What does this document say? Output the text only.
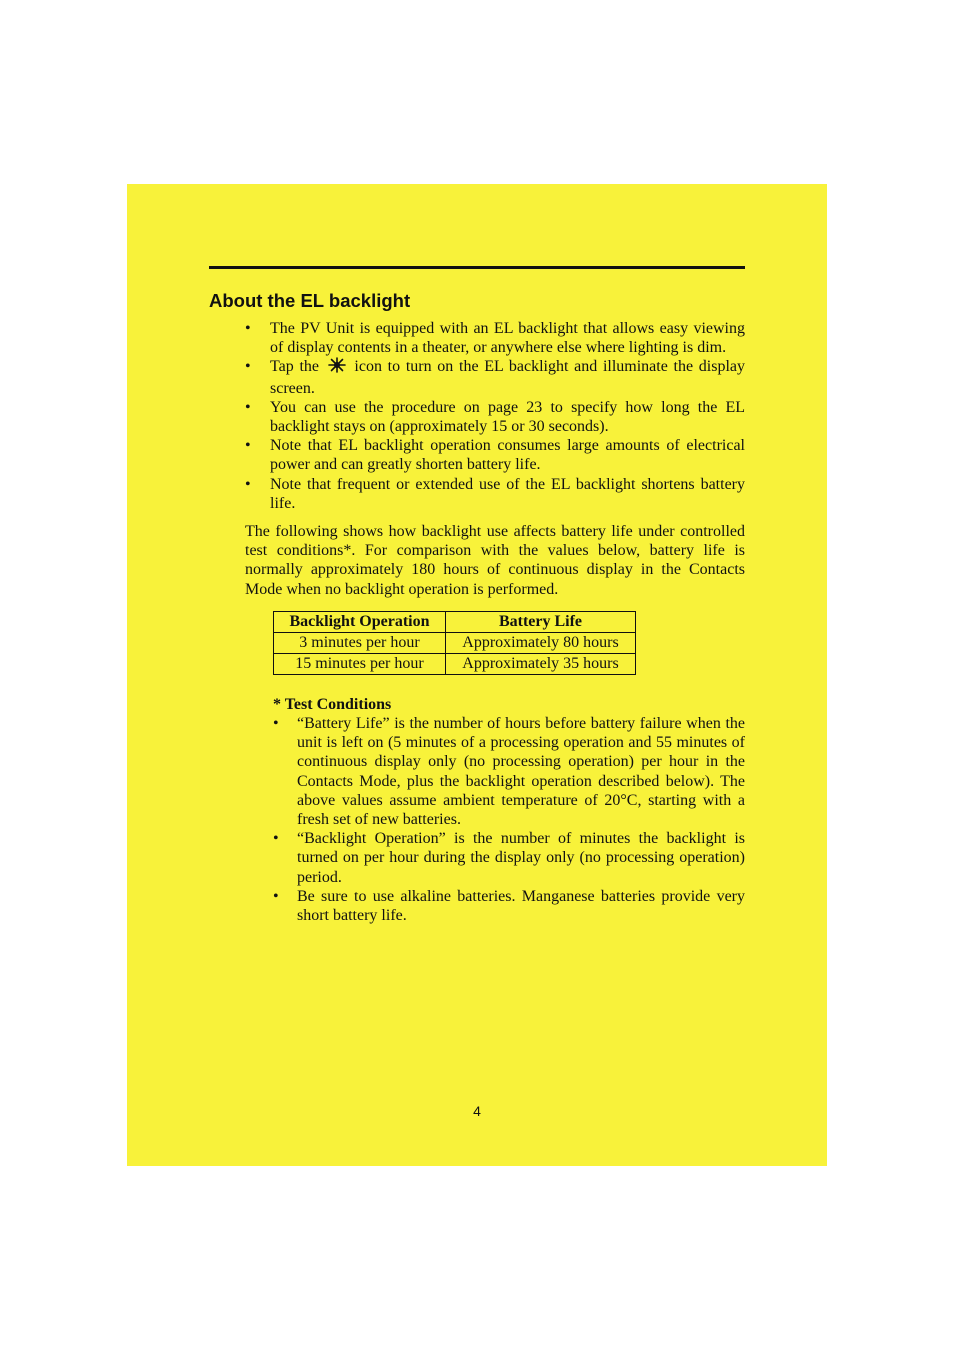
About the EL backlight
• The PV Unit is equipped with an EL backlight that allows easy viewing of display contents in a theater, or anywhere else where lighting is dim.
• Tap the icon to turn on the EL backlight and illuminate the display screen.
• You can use the procedure on page 23 to specify how long the EL backlight stays on (approximately 15 or 30 seconds).
• Note that EL backlight operation consumes large amounts of electrical power and can greatly shorten battery life.
• Note that frequent or extended use of the EL backlight shortens battery life.

The following shows how backlight use affects battery life under controlled test conditions*. For comparison with the values below, battery life is normally approximately 180 hours of continuous display in the Contacts Mode when no backlight operation is performed.

Backlight Operation	Battery Life
3 minutes per hour	Approximately 80 hours
15 minutes per hour	Approximately 35 hours

* Test Conditions

• “Battery Life” is the number of hours before battery failure when the unit is left on (5 minutes of a processing operation and 55 minutes of continuous display only (no processing operation) per hour in the Contacts Mode, plus the backlight operation described below). The above values assume ambient temperature of 20°C, starting with a fresh set of new batteries.
• “Backlight Operation” is the number of minutes the backlight is turned on per hour during the display only (no processing operation) period.
• Be sure to use alkaline batteries. Manganese batteries provide very short battery life.
4
